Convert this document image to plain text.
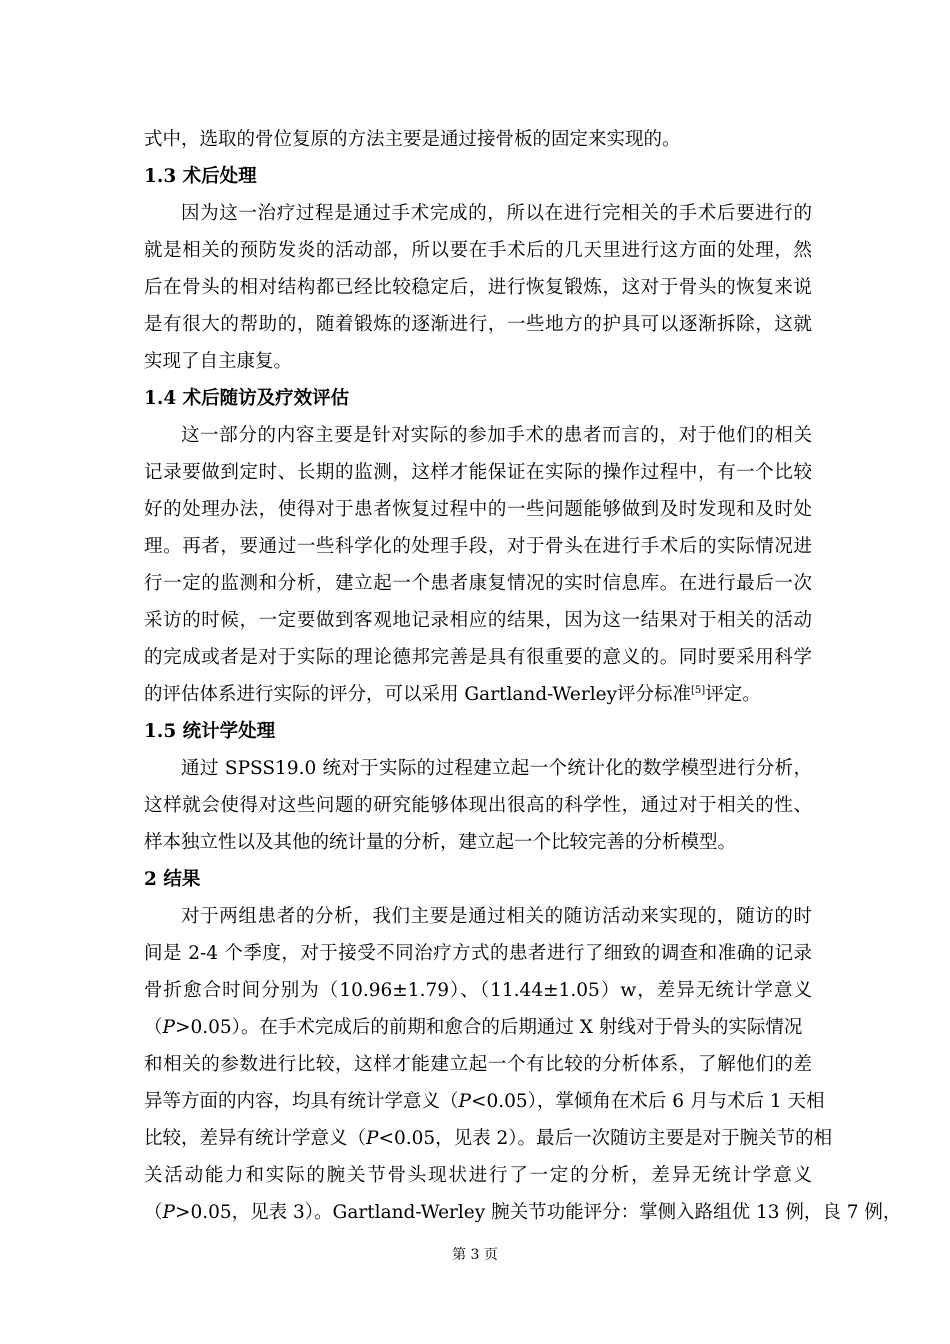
式中，选取的骨位复原的方法主要是通过接骨板的固定来实现的。
1.3 术后处理
因为这一治疗过程是通过手术完成的，所以在进行完相关的手术后要进行的
就是相关的预防发炎的活动部，所以要在手术后的几天里进行这方面的处理，然
后在骨头的相对结构都已经比较稳定后，进行恢复锻炼，这对于骨头的恢复来说
是有很大的帮助的，随着锻炼的逐渐进行，一些地方的护具可以逐渐拆除，这就
实现了自主康复。
1.4 术后随访及疗效评估
这一部分的内容主要是针对实际的参加手术的患者而言的，对于他们的相关
记录要做到定时、长期的监测，这样才能保证在实际的操作过程中，有一个比较
好的处理办法，使得对于患者恢复过程中的一些问题能够做到及时发现和及时处
理。再者，要通过一些科学化的处理手段，对于骨头在进行手术后的实际情况进
行一定的监测和分析，建立起一个患者康复情况的实时信息库。在进行最后一次
采访的时候，一定要做到客观地记录相应的结果，因为这一结果对于相关的活动
的完成或者是对于实际的理论德邦完善是具有很重要的意义的。同时要采用科学
的评估体系进行实际的评分，可以采用 Gartland-Werley评分标准[5]评定。
1.5 统计学处理
通过 SPSS19.0 统对于实际的过程建立起一个统计化的数学模型进行分析，
这样就会使得对这些问题的研究能够体现出很高的科学性，通过对于相关的性、
样本独立性以及其他的统计量的分析，建立起一个比较完善的分析模型。
2 结果
对于两组患者的分析，我们主要是通过相关的随访活动来实现的，随访的时
间是 2-4 个季度，对于接受不同治疗方式的患者进行了细致的调查和准确的记录
骨折愈合时间分别为（10.96±1.79）、（11.44±1.05）w，差异无统计学意义
（P>0.05）。在手术完成后的前期和愈合的后期通过 X 射线对于骨头的实际情况
和相关的参数进行比较，这样才能建立起一个有比较的分析体系，了解他们的差
异等方面的内容，均具有统计学意义（P<0.05），掌倾角在术后 6 月与术后 1 天相
比较，差异有统计学意义（P<0.05，见表 2）。最后一次随访主要是对于腕关节的相
关活动能力和实际的腕关节骨头现状进行了一定的分析，差异无统计学意义
（P>0.05，见表 3）。Gartland-Werley 腕关节功能评分：掌侧入路组优 13 例，良 7 例，
第 3 页
